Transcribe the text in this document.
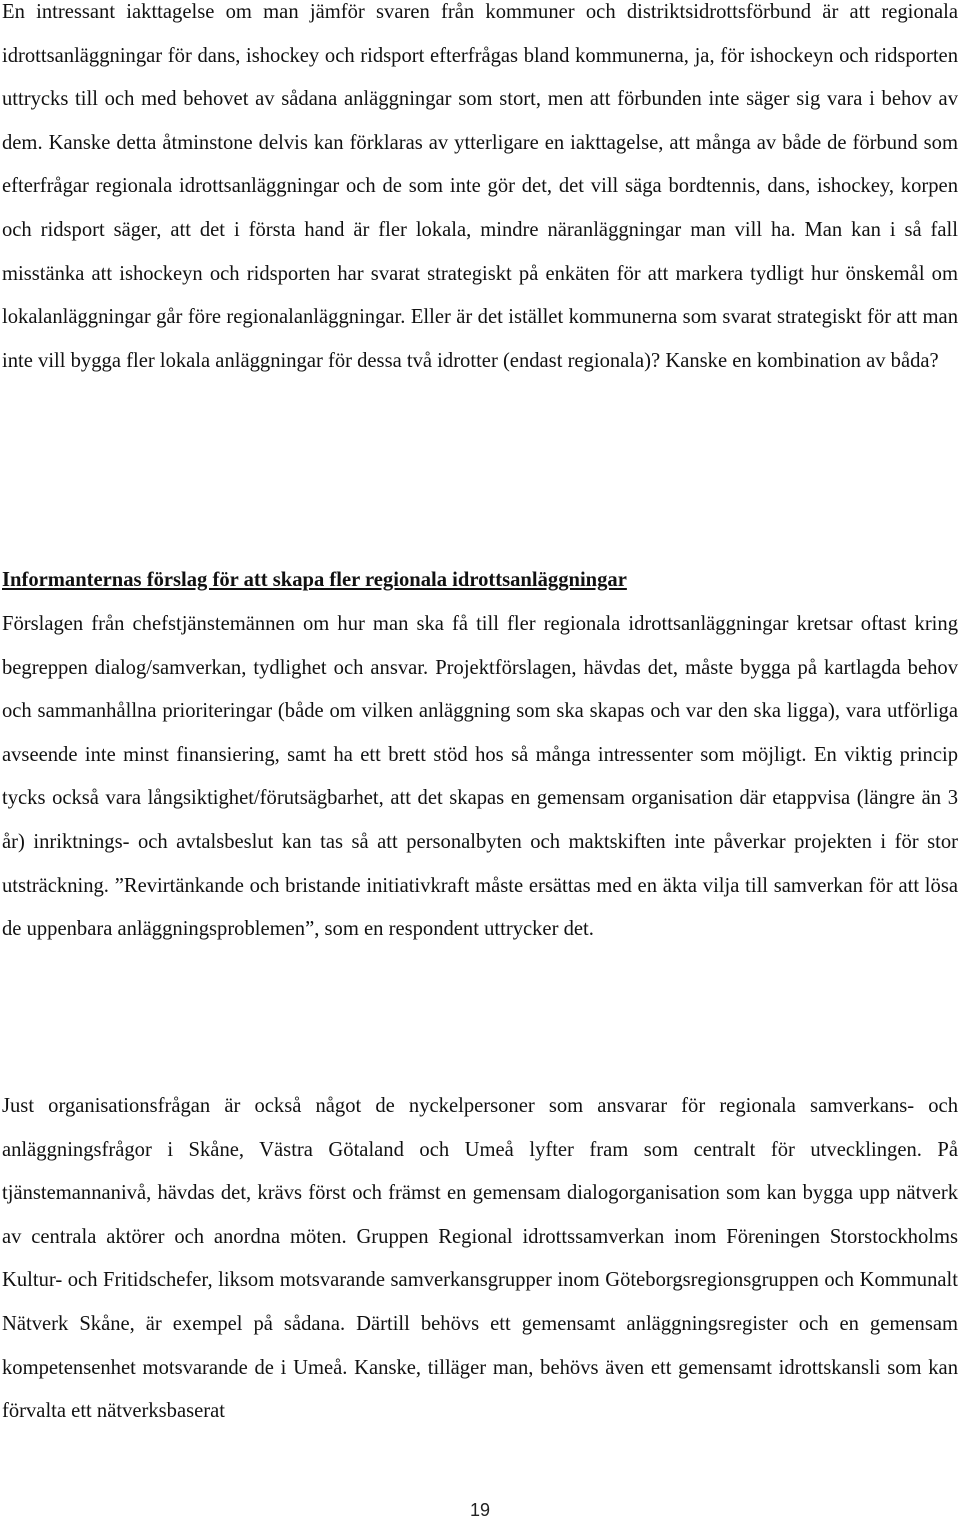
En intressant iakttagelse om man jämför svaren från kommuner och distriktsidrottsförbund är att regionala idrottsanläggningar för dans, ishockey och ridsport efterfrågas bland kommunerna, ja, för ishockeyn och ridsporten uttrycks till och med behovet av sådana anläggningar som stort, men att förbunden inte säger sig vara i behov av dem. Kanske detta åtminstone delvis kan förklaras av ytterligare en iakttagelse, att många av både de förbund som efterfrågar regionala idrottsanläggningar och de som inte gör det, det vill säga bordtennis, dans, ishockey, korpen och ridsport säger, att det i första hand är fler lokala, mindre näranläggningar man vill ha. Man kan i så fall misstänka att ishockeyn och ridsporten har svarat strategiskt på enkäten för att markera tydligt hur önskemål om lokalanläggningar går före regionalanläggningar. Eller är det istället kommunerna som svarat strategiskt för att man inte vill bygga fler lokala anläggningar för dessa två idrotter (endast regionala)? Kanske en kombination av båda?

Informanternas förslag för att skapa fler regionala idrottsanläggningar

Förslagen från chefstjänstemännen om hur man ska få till fler regionala idrottsanläggningar kretsar oftast kring begreppen dialog/samverkan, tydlighet och ansvar. Projektförslagen, hävdas det, måste bygga på kartlagda behov och sammanhållna prioriteringar (både om vilken anläggning som ska skapas och var den ska ligga), vara utförliga avseende inte minst finansiering, samt ha ett brett stöd hos så många intressenter som möjligt. En viktig princip tycks också vara långsiktighet/förutsägbarhet, att det skapas en gemensam organisation där etappvisa (längre än 3 år) inriktnings- och avtalsbeslut kan tas så att personalbyten och maktskiften inte påverkar projekten i för stor utsträckning. ”Revirtänkande och bristande initiativkraft måste ersättas med en äkta vilja till samverkan för att lösa de uppenbara anläggningsproblemen”, som en respondent uttrycker det.

Just organisationsfrågan är också något de nyckelpersoner som ansvarar för regionala samverkans- och anläggningsfrågor i Skåne, Västra Götaland och Umeå lyfter fram som centralt för utvecklingen. På tjänstemannanivå, hävdas det, krävs först och främst en gemensam dialogorganisation som kan bygga upp nätverk av centrala aktörer och anordna möten. Gruppen Regional idrottssamverkan inom Föreningen Storstockholms Kultur- och Fritidschefer, liksom motsvarande samverkansgrupper inom Göteborgsregionsgruppen och Kommunalt Nätverk Skåne, är exempel på sådana. Därtill behövs ett gemensamt anläggningsregister och en gemensam kompetensenhet motsvarande de i Umeå. Kanske, tilläger man, behövs även ett gemensamt idrottskansli som kan förvalta ett nätverksbaserat

19
